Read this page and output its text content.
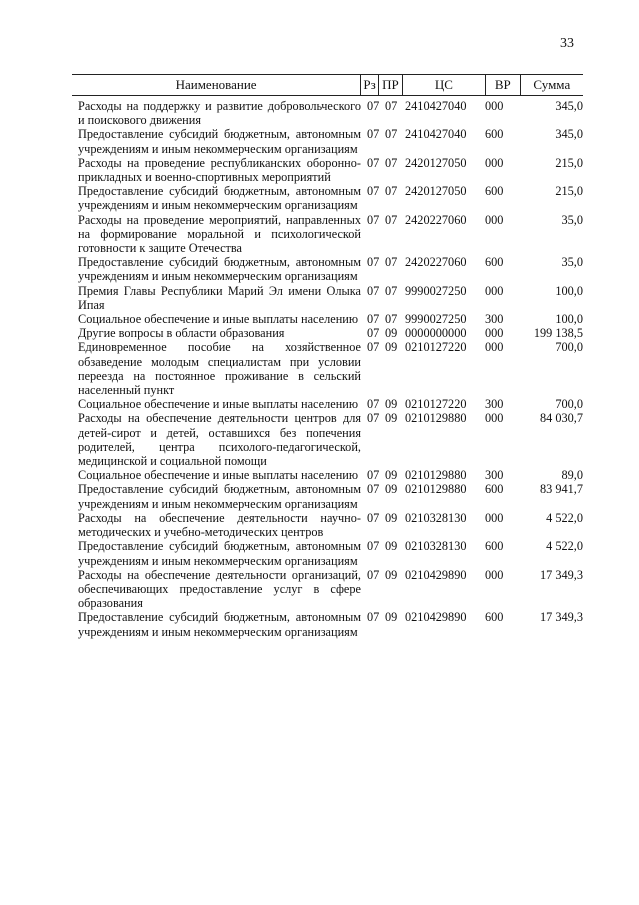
33
Наименование	Рз ПР	ЦС	ВР	Сумма
Расходы на поддержку и развитие добровольческого и поискового движения
07 07 2410427040	000	345,0
Предоставление субсидий бюджетным, автономным учреждениям и иным некоммерческим организациям
07 07 2410427040	600	345,0
Расходы на проведение республиканских оборонно-прикладных и военно-спортивных мероприятий
07 07 2420127050	000	215,0
Предоставление субсидий бюджетным, автономным учреждениям и иным некоммерческим организациям
07 07 2420127050	600	215,0
Расходы на проведение мероприятий, направленных на формирование моральной и психологической готовности к защите Отечества
07 07 2420227060	000	35,0
Предоставление субсидий бюджетным, автономным учреждениям и иным некоммерческим организациям
07 07 2420227060	600	35,0
Премия Главы Республики Марий Эл имени Олыка Ипая
07 07 9990027250	000	100,0
Социальное обеспечение и иные выплаты населению 07 07 9990027250	300	100,0
Другие вопросы в области образования	07 09 0000000000	000	199 138,5
Единовременное пособие на хозяйственное обзаведение молодым специалистам при условии переезда на постоянное проживание в сельский населенный пункт
07 09 0210127220	000	700,0
Социальное обеспечение и иные выплаты населению 07 09 0210127220	300	700,0
Расходы на обеспечение деятельности центров для детей-сирот и детей, оставшихся без попечения родителей, центра психолого-педагогической, медицинской и социальной помощи
07 09 0210129880	000	84 030,7
Социальное обеспечение и иные выплаты населению 07 09 0210129880	300	89,0
Предоставление субсидий бюджетным, автономным учреждениям и иным некоммерческим организациям
07 09 0210129880	600	83 941,7
Расходы на обеспечение деятельности научно-методических и учебно-методических центров
07 09 0210328130	000	4 522,0
Предоставление субсидий бюджетным, автономным учреждениям и иным некоммерческим организациям
07 09 0210328130	600	4 522,0
Расходы на обеспечение деятельности организаций, обеспечивающих предоставление услуг в сфере образования
07 09 0210429890	000	17 349,3
Предоставление субсидий бюджетным, автономным учреждениям и иным некоммерческим организациям
07 09 0210429890	600	17 349,3
